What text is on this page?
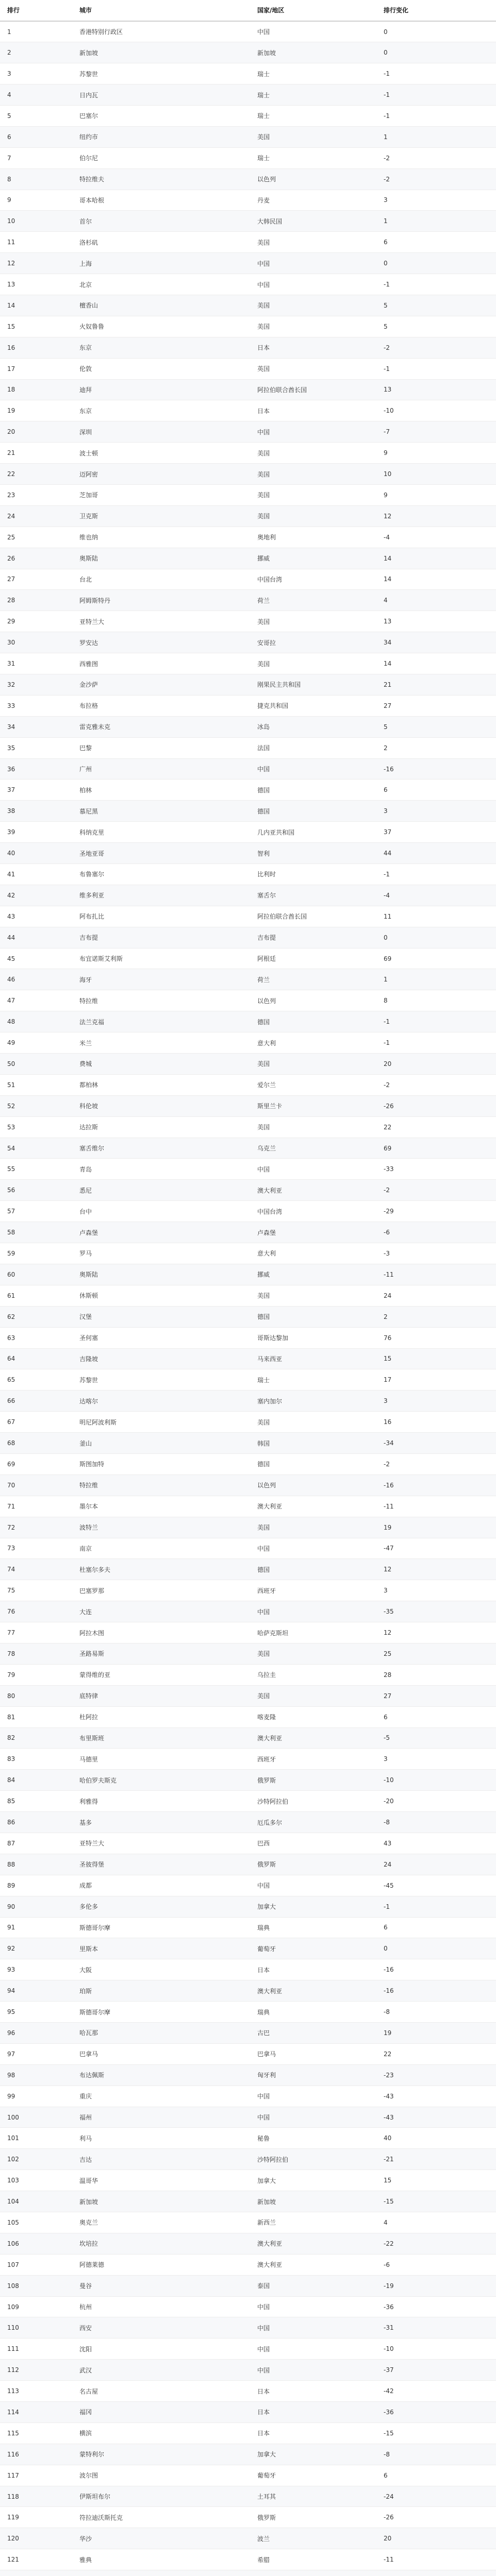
排行	城市	国家/地区	排行变化
1	香港特别行政区	中国	0
2	新加坡	新加坡	0
3	苏黎世	瑞士	-1
4	日内瓦	瑞士	-1
5	巴塞尔	瑞士	-1
6	纽约市	美国	1
7	伯尔尼	瑞士	-2
8	特拉维夫	以色列	-2
9	哥本哈根	丹麦	3
10	首尔	大韩民国	1
11	洛杉矶	美国	6
12	上海	中国	0
13	北京	中国	-1
14	檀香山	美国	5
15	火奴鲁鲁	美国	5
16	东京	日本	-2
17	伦敦	英国	-1
18	迪拜	阿拉伯联合酋长国	13
19	东京	日本	-10
20	深圳	中国	-7
21	波士顿	美国	9
22	迈阿密	美国	10
23	芝加哥	美国	9
24	卫克斯	美国	12
25	维也纳	奥地利	-4
26	奥斯陆	挪威	14
27	台北	中国台湾	14
28	阿姆斯特丹	荷兰	4
29	亚特兰大	美国	13
30	罗安达	安哥拉	34
31	西雅图	美国	14
32	金沙萨	刚果民主共和国	21
33	布拉格	捷克共和国	27
34	雷克雅未克	冰岛	5
35	巴黎	法国	2
36	广州	中国	-16
37	柏林	德国	6
38	慕尼黑	德国	3
39	科纳克里	几内亚共和国	37
40	圣地亚哥	智利	44
41	布鲁塞尔	比利时	-1
42	维多利亚	塞舌尔	-4
43	阿布扎比	阿拉伯联合酋长国	11
44	吉布提	吉布提	0
45	布宜诺斯艾利斯	阿根廷	69
46	海牙	荷兰	1
47	特拉维	以色列	8
48	法兰克福	德国	-1
49	米兰	意大利	-1
50	费城	美国	20
51	都柏林	爱尔兰	-2
52	科伦坡	斯里兰卡	-26
53	达拉斯	美国	22
54	塞舌维尔	乌克兰	69
55	青岛	中国	-33
56	悉尼	澳大利亚	-2
57	台中	中国台湾	-29
58	卢森堡	卢森堡	-6
59	罗马	意大利	-3
60	奥斯陆	挪威	-11
61	休斯顿	美国	24
62	汉堡	德国	2
63	圣何塞	哥斯达黎加	76
64	吉隆坡	马来西亚	15
65	苏黎世	瑞士	17
66	达喀尔	塞内加尔	3
67	明尼阿波利斯	美国	16
68	釜山	韩国	-34
69	斯图加特	德国	-2
70	特拉维	以色列	-16
71	墨尔本	澳大利亚	-11
72	波特兰	美国	19
73	南京	中国	-47
74	杜塞尔多夫	德国	12
75	巴塞罗那	西班牙	3
76	大连	中国	-35
77	阿拉木图	哈萨克斯坦	12
78	圣路易斯	美国	25
79	蒙得维的亚	乌拉圭	28
80	底特律	美国	27
81	杜阿拉	喀麦隆	6
82	布里斯班	澳大利亚	-5
83	马德里	西班牙	3
84	哈伯罗夫斯克	俄罗斯	-10
85	利雅得	沙特阿拉伯	-20
86	基多	厄瓜多尔	-8
87	亚特兰大	巴西	43
88	圣彼得堡	俄罗斯	24
89	成都	中国	-45
90	多伦多	加拿大	-1
91	斯德哥尔摩	瑞典	6
92	里斯本	葡萄牙	0
93	大阪	日本	-16
94	珀斯	澳大利亚	-16
95	斯德哥尔摩	瑞典	-8
96	哈瓦那	古巴	19
97	巴拿马	巴拿马	22
98	布达佩斯	匈牙利	-23
99	重庆	中国	-43
100	福州	中国	-43
101	利马	秘鲁	40
102	吉达	沙特阿拉伯	-21
103	温哥华	加拿大	15
104	新加坡	新加坡	-15
105	奥克兰	新西兰	4
106	坎培拉	澳大利亚	-22
107	阿德莱德	澳大利亚	-6
108	曼谷	泰国	-19
109	杭州	中国	-36
110	西安	中国	-31
111	沈阳	中国	-10
112	武汉	中国	-37
113	名古屋	日本	-42
114	福冈	日本	-36
115	横滨	日本	-15
116	蒙特利尔	加拿大	-8
117	波尔图	葡萄牙	6
118	伊斯坦布尔	土耳其	-24
119	符拉迪沃斯托克	俄罗斯	-26
120	华沙	波兰	20
121	雅典	希腊	-11
